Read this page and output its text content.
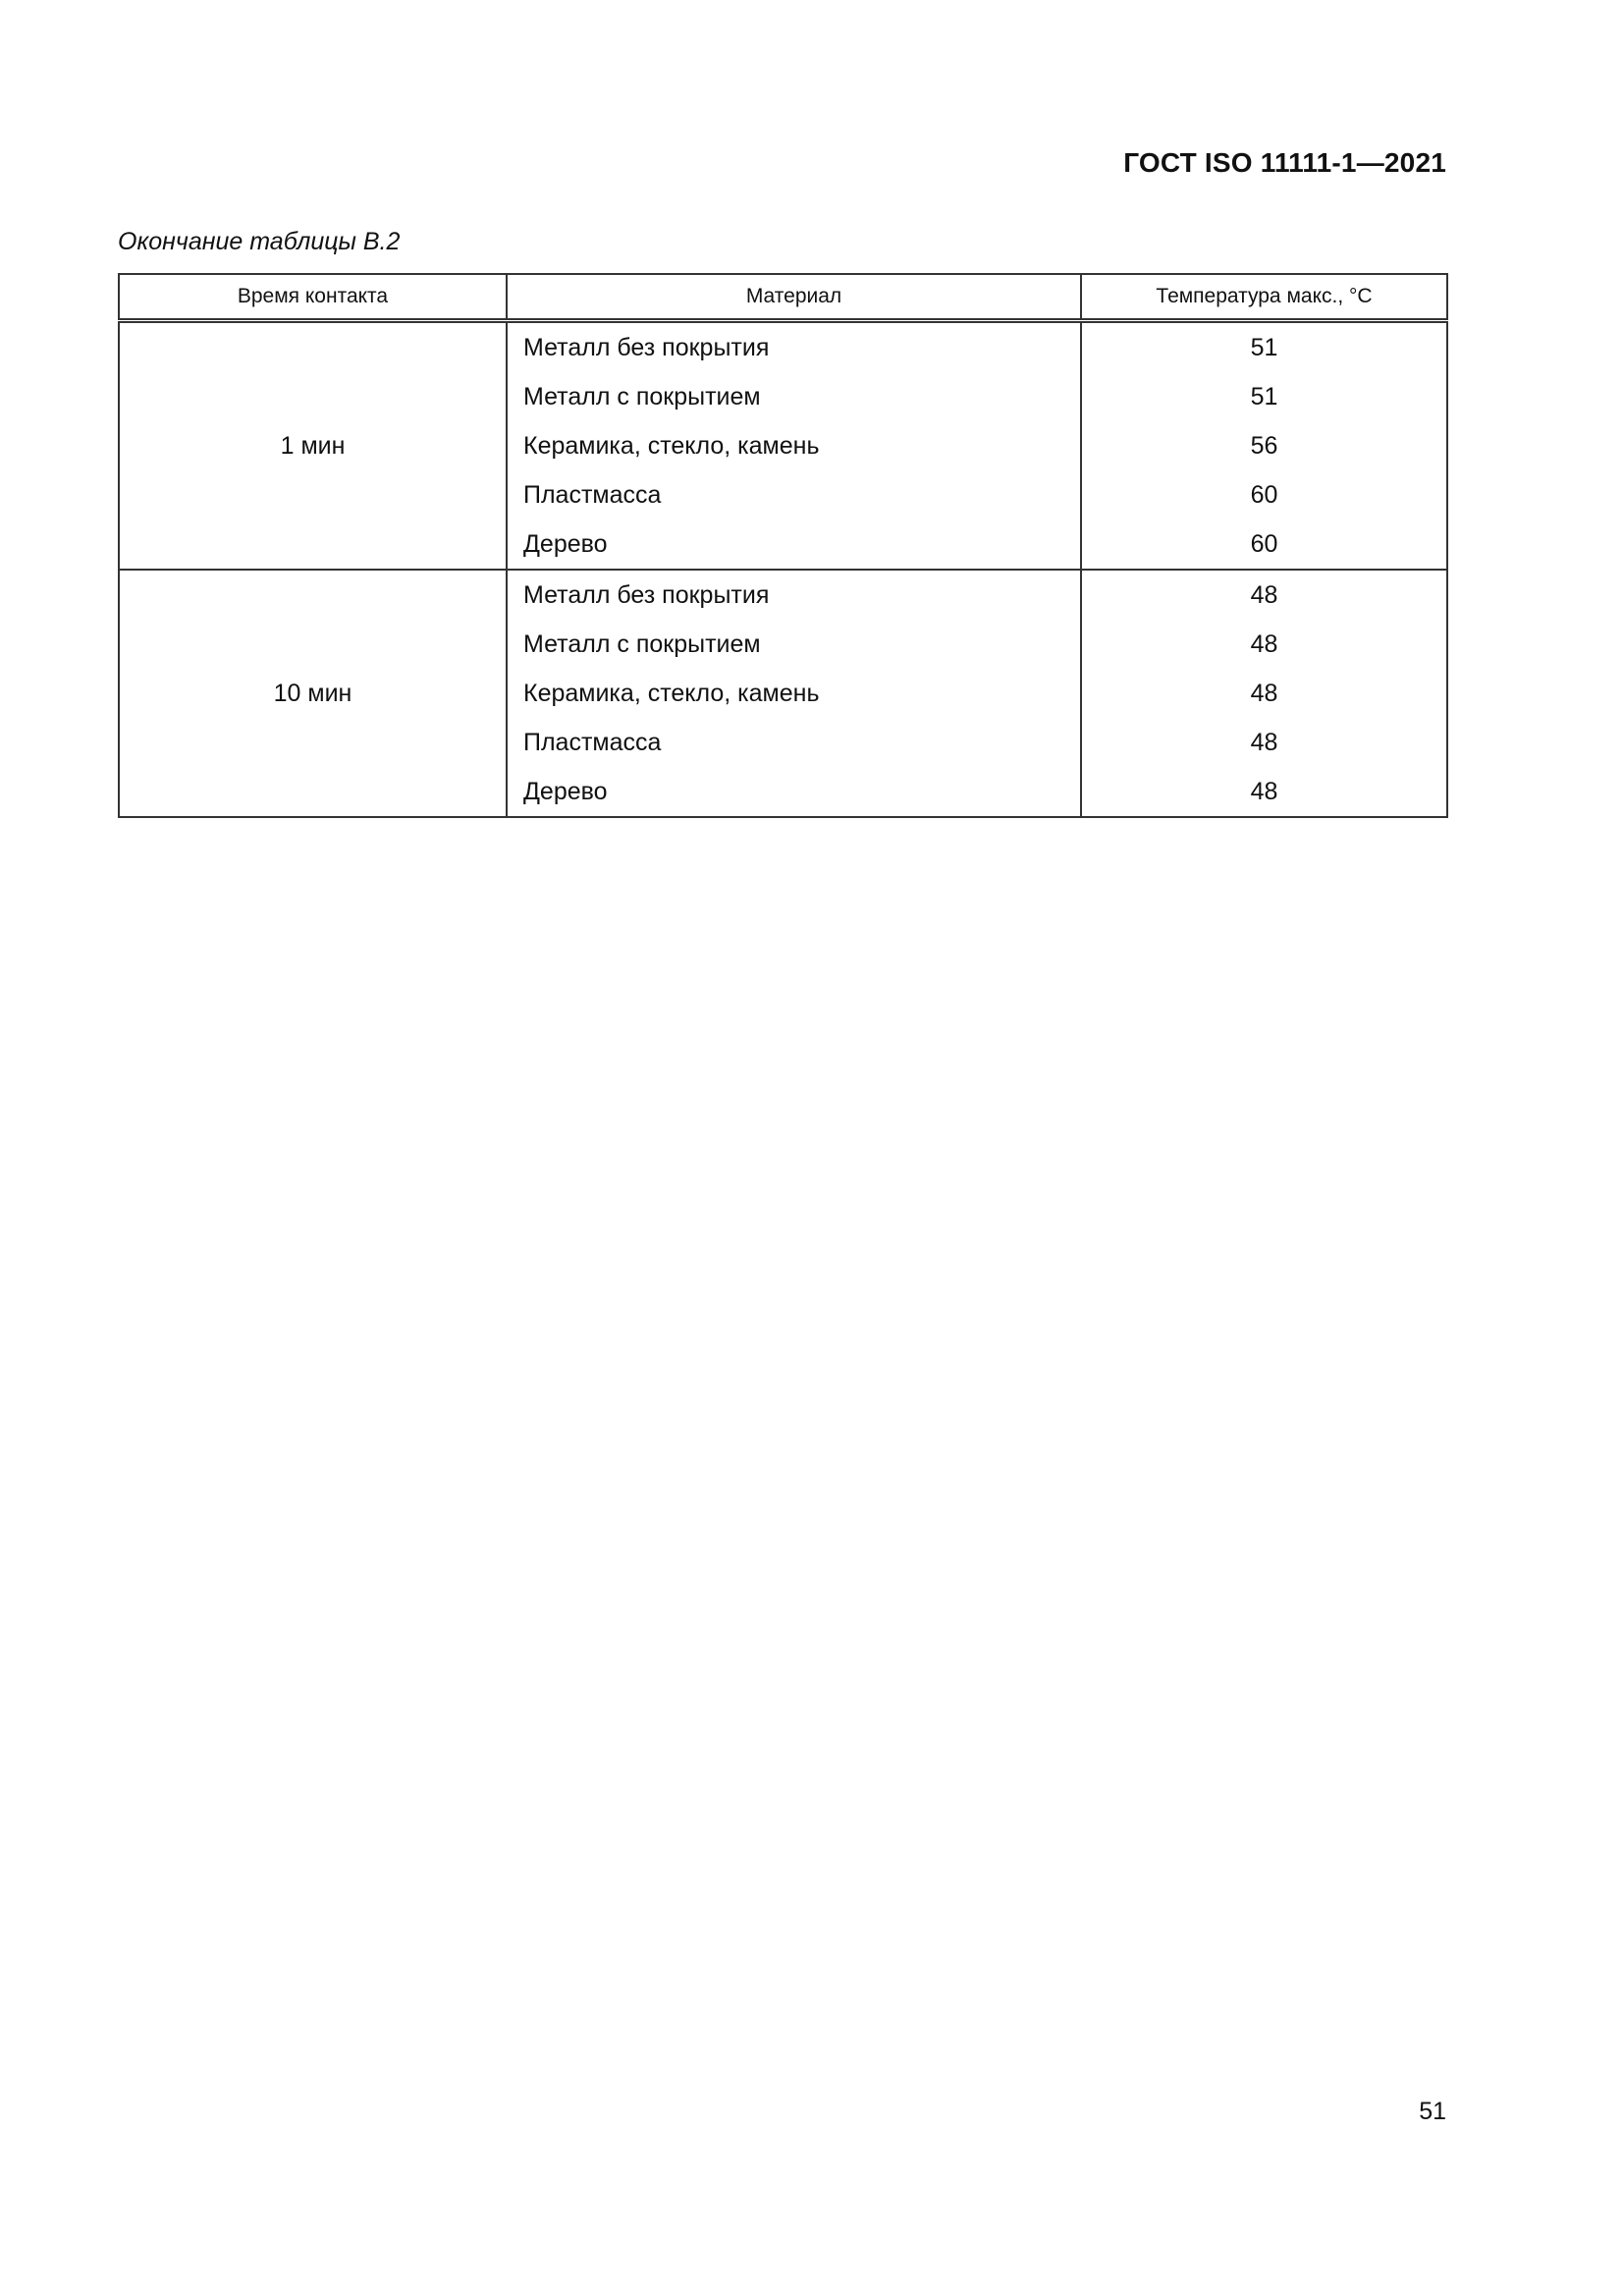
ГОСТ ISO 11111-1—2021
Окончание таблицы В.2
Время контакта	Материал	Температура макс., °С
1 мин	Металл без покрытия	51
	Металл с покрытием	51
	Керамика, стекло, камень	56
	Пластмасса	60
	Дерево	60
10 мин	Металл без покрытия	48
	Металл с покрытием	48
	Керамика, стекло, камень	48
	Пластмасса	48
	Дерево	48
51
